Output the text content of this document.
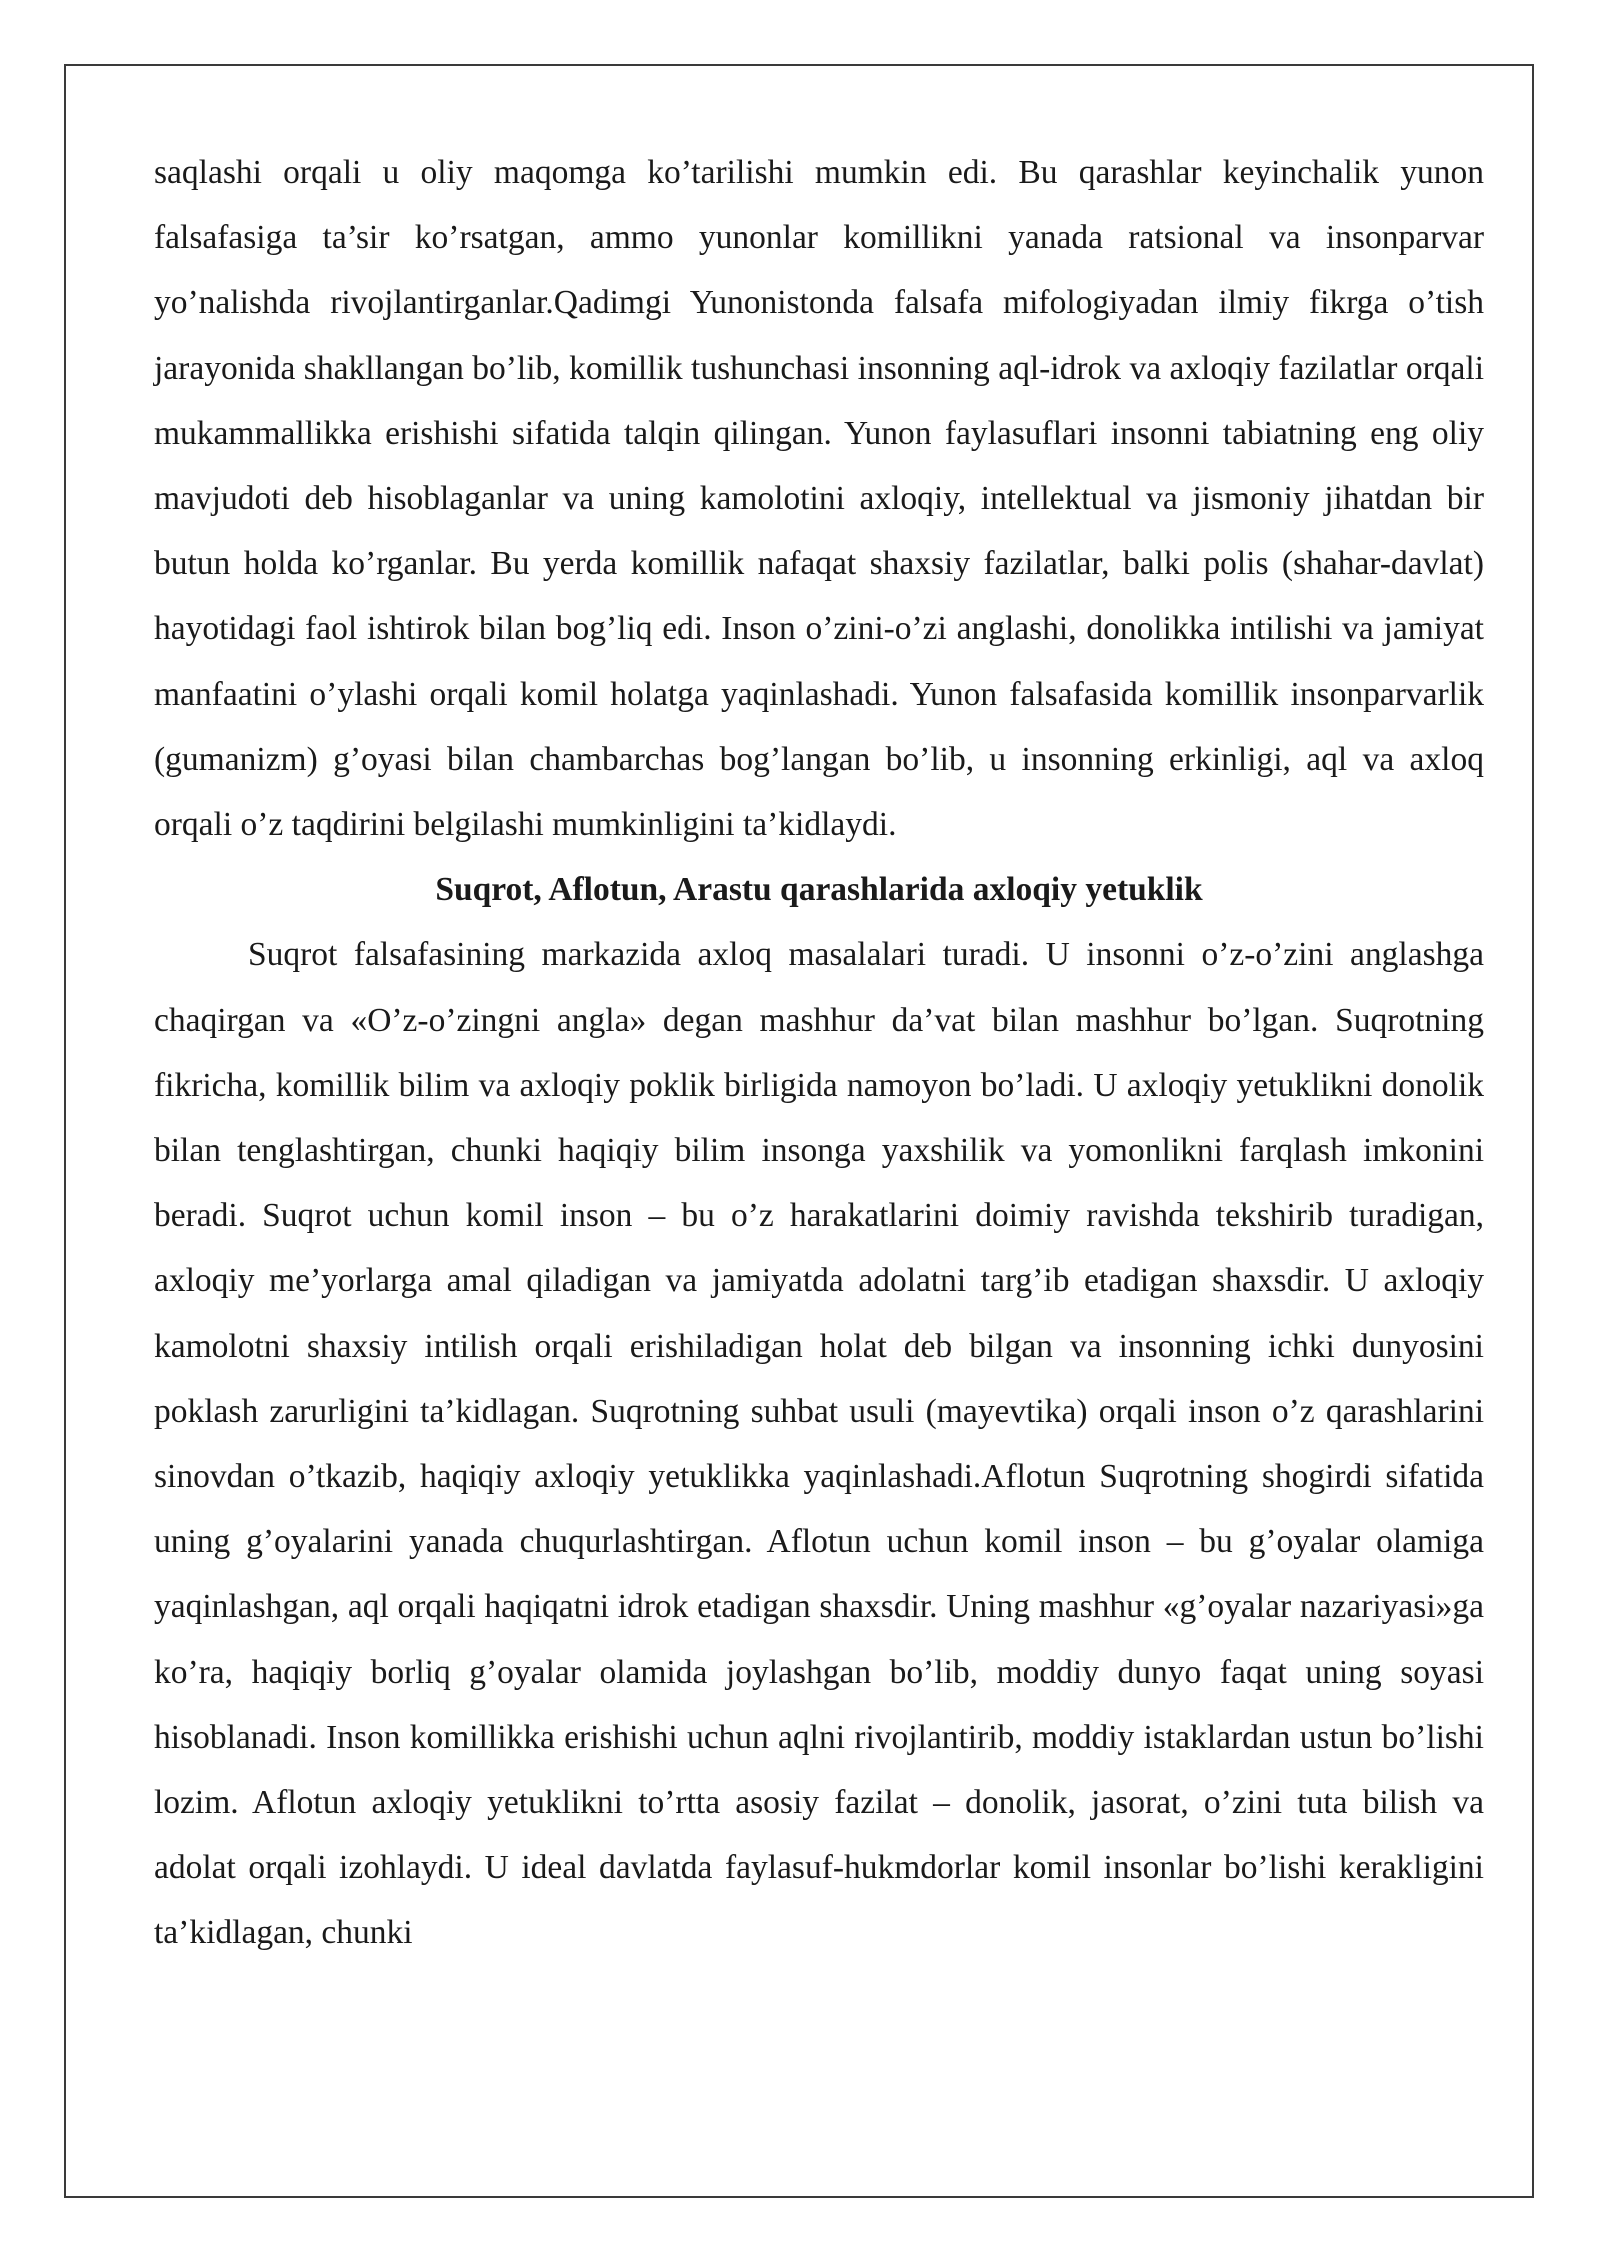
saqlashi orqali u oliy maqomga ko’tarilishi mumkin edi. Bu qarashlar keyinchalik yunon falsafasiga ta’sir ko’rsatgan, ammo yunonlar komillikni yanada ratsional va insonparvar yo’nalishda rivojlantirganlar.Qadimgi Yunonistonda falsafa mifologiyadan ilmiy fikrga o’tish jarayonida shakllangan bo’lib, komillik tushunchasi insonning aql-idrok va axloqiy fazilatlar orqali mukammallikka erishishi sifatida talqin qilingan. Yunon faylasuflari insonni tabiatning eng oliy mavjudoti deb hisoblaganlar va uning kamolotini axloqiy, intellektual va jismoniy jihatdan bir butun holda ko’rganlar. Bu yerda komillik nafaqat shaxsiy fazilatlar, balki polis (shahar-davlat) hayotidagi faol ishtirok bilan bog’liq edi. Inson o’zini-o’zi anglashi, donolikka intilishi va jamiyat manfaatini o’ylashi orqali komil holatga yaqinlashadi. Yunon falsafasida komillik insonparvarlik (gumanizm) g’oyasi bilan chambarchas bog’langan bo’lib, u insonning erkinligi, aql va axloq orqali o’z taqdirini belgilashi mumkinligini ta’kidlaydi.

Suqrot, Aflotun, Arastu qarashlarida axloqiy yetuklik

Suqrot falsafasining markazida axloq masalalari turadi. U insonni o’z-o’zini anglashga chaqirgan va «O’z-o’zingni angla» degan mashhur da’vat bilan mashhur bo’lgan. Suqrotning fikricha, komillik bilim va axloqiy poklik birligida namoyon bo’ladi. U axloqiy yetuklikni donolik bilan tenglashtirgan, chunki haqiqiy bilim insonga yaxshilik va yomonlikni farqlash imkonini beradi. Suqrot uchun komil inson – bu o’z harakatlarini doimiy ravishda tekshirib turadigan, axloqiy me’yorlarga amal qiladigan va jamiyatda adolatni targ’ib etadigan shaxsdir. U axloqiy kamolotni shaxsiy intilish orqali erishiladigan holat deb bilgan va insonning ichki dunyosini poklash zarurligini ta’kidlagan. Suqrotning suhbat usuli (mayevtika) orqali inson o’z qarashlarini sinovdan o’tkazib, haqiqiy axloqiy yetuklikka yaqinlashadi.Aflotun Suqrotning shogirdi sifatida uning g’oyalarini yanada chuqurlashtirgan. Aflotun uchun komil inson – bu g’oyalar olamiga yaqinlashgan, aql orqali haqiqatni idrok etadigan shaxsdir. Uning mashhur «g’oyalar nazariyasi»ga ko’ra, haqiqiy borliq g’oyalar olamida joylashgan bo’lib, moddiy dunyo faqat uning soyasi hisoblanadi. Inson komillikka erishishi uchun aqlni rivojlantirib, moddiy istaklardan ustun bo’lishi lozim. Aflotun axloqiy yetuklikni to’rtta asosiy fazilat – donolik, jasorat, o’zini tuta bilish va adolat orqali izohlaydi. U ideal davlatda faylasuf-hukmdorlar komil insonlar bo’lishi kerakligini ta’kidlagan, chunki
